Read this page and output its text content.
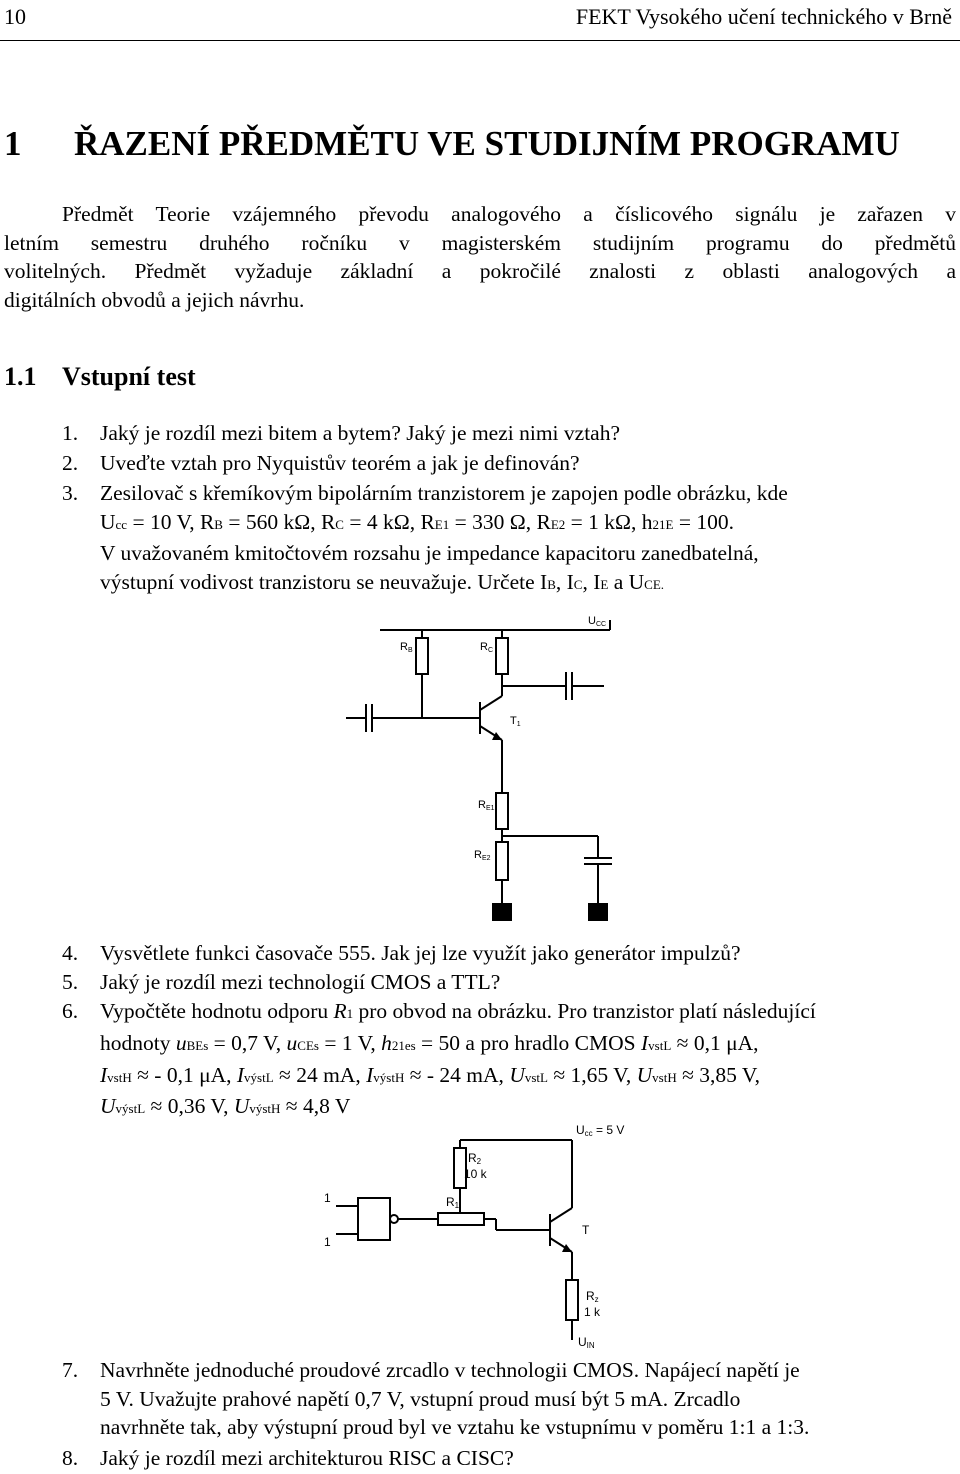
10	FEKT Vysokého učení technického v Brně
1 ŘAZENÍ PŘEDMĚTU VE STUDIJNÍM PROGRAMU
Předmět Teorie vzájemného převodu analogového a číslicového signálu je zařazen v
letním semestru druhého ročníku v magisterském studijním programu do předmětů
volitelných. Předmět vyžaduje základní a pokročilé znalosti z oblasti analogových a
digitálních obvodů a jejich návrhu.
1.1 Vstupní test
1.	Jaký je rozdíl mezi bitem a bytem? Jaký je mezi nimi vztah?
2.	Uveďte vztah pro Nyquistův teorém a jak je definován?
3.	Zesilovač s křemíkovým bipolárním tranzistorem je zapojen podle obrázku, kde
Ucc = 10 V, RB = 560 kΩ, RC = 4 kΩ, RE1 = 330 Ω, RE2 = 1 kΩ, h21E = 100.
V uvažovaném kmitočtovém rozsahu je impedance kapacitoru zanedbatelná,
výstupní vodivost tranzistoru se neuvažuje. Určete IB, IC, IE a UCE.
UCC
RB	RC
T1
RE1
RE2
4.	Vysvětlete funkci časovače 555. Jak jej lze využít jako generátor impulzů?
5.	Jaký je rozdíl mezi technologií CMOS a TTL?
6.	Vypočtěte hodnotu odporu R1 pro obvod na obrázku. Pro tranzistor platí následující
hodnoty uBEs = 0,7 V, uCEs = 1 V, h21es = 50 a pro hradlo CMOS IvstL ≈ 0,1 μA,
IvstH ≈ - 0,1 μA, IvýstL ≈ 24 mA, IvýstH ≈ - 24 mA, UvstL ≈ 1,65 V, UvstH ≈ 3,85 V,
UvýstL ≈ 0,36 V, UvýstH ≈ 4,8 V
Ucc = 5 V
R2
10 k
R1
1
1
T
Rz
1 k
UIN
7.	Navrhněte jednoduché proudové zrcadlo v technologii CMOS. Napájecí napětí je
5 V. Uvažujte prahové napětí 0,7 V, vstupní proud musí být 5 mA. Zrcadlo
navrhněte tak, aby výstupní proud byl ve vztahu ke vstupnímu v poměru 1:1 a 1:3.
8.	Jaký je rozdíl mezi architekturou RISC a CISC?
